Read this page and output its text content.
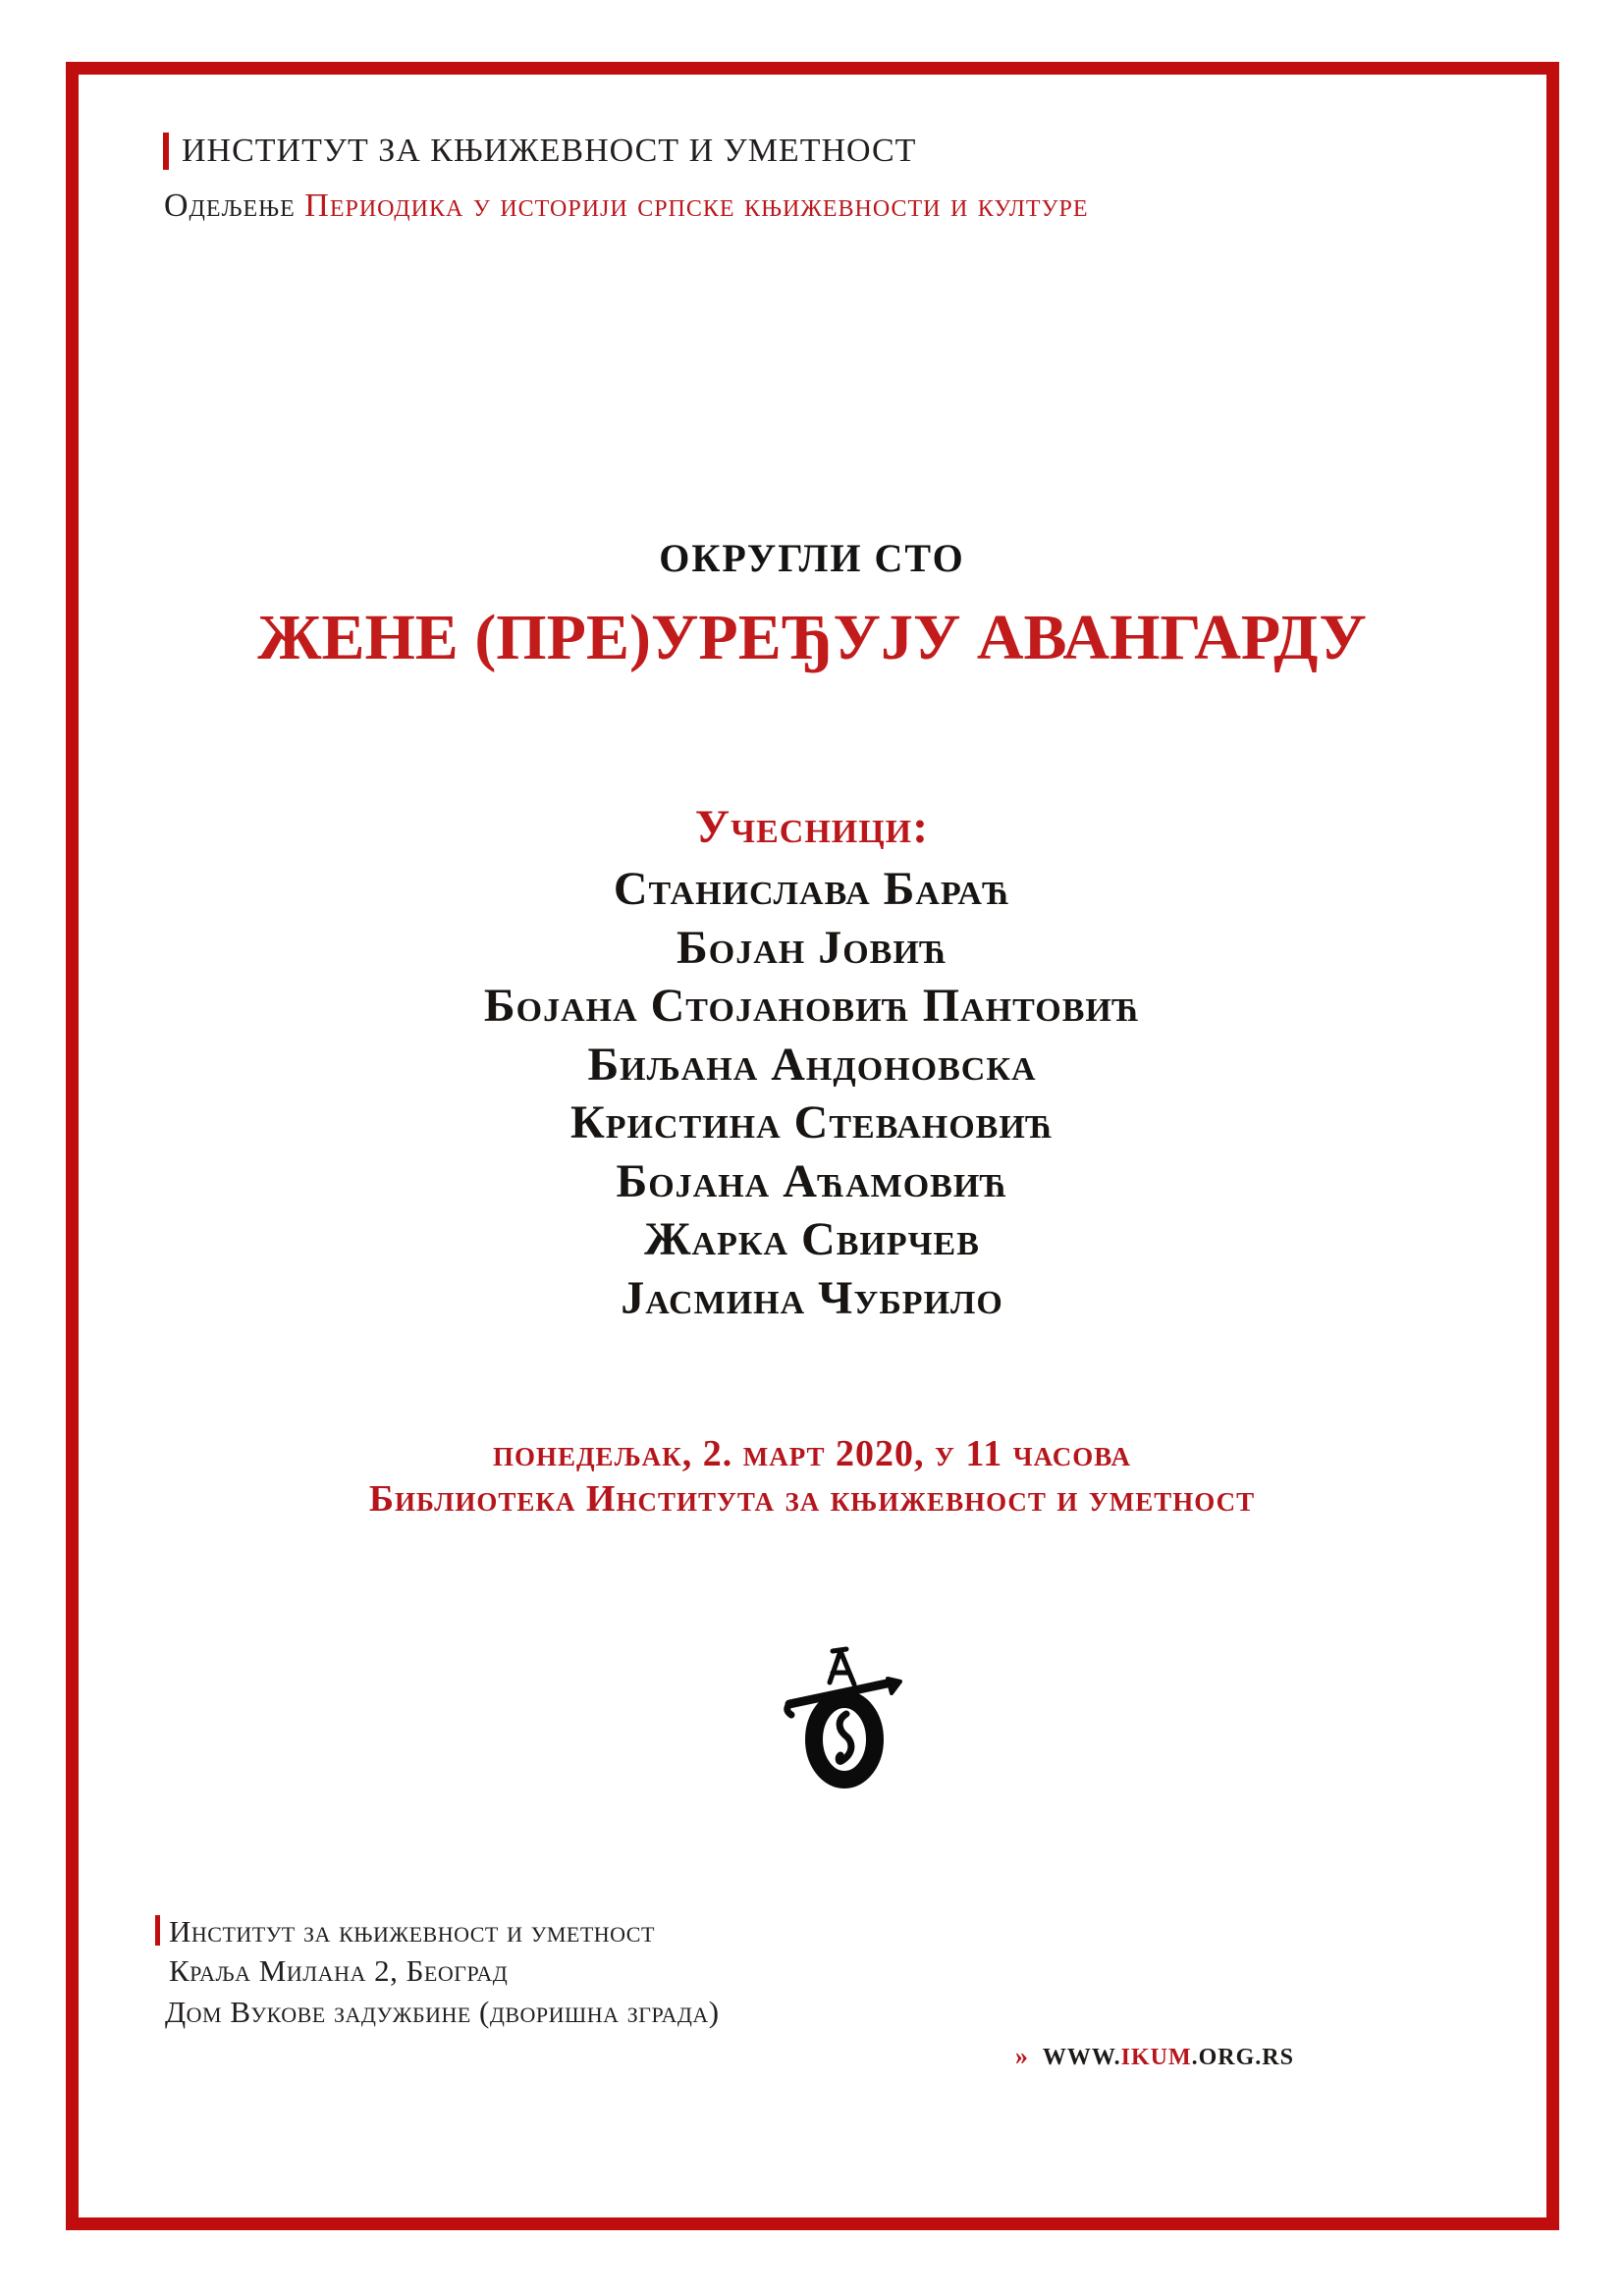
ИНСТИТУТ ЗА КЊИЖЕВНОСТ И УМЕТНОСТ
Одељење Периодика у историји српске књижевности и културе
ОКРУГЛИ СТО
ЖЕНЕ (ПРЕ)УРЕЂУЈУ АВАНГАРДУ
Учесници:
Станислава Бараћ
Бојан Јовић
Бојана Стојановић Пантовић
Биљана Андоновска
Кристина Стевановић
Бојана Аћамовић
Жарка Свирчев
Јасмина Чубрило
понедељак, 2. март 2020, у 11 часова
Библиотека Института за књижевност и уметност
Институт за књижевност и уметност
Краља Милана 2, Београд
Дом Вукове задужбине (дворишна зграда)
» WWW.IKUM.ORG.RS
